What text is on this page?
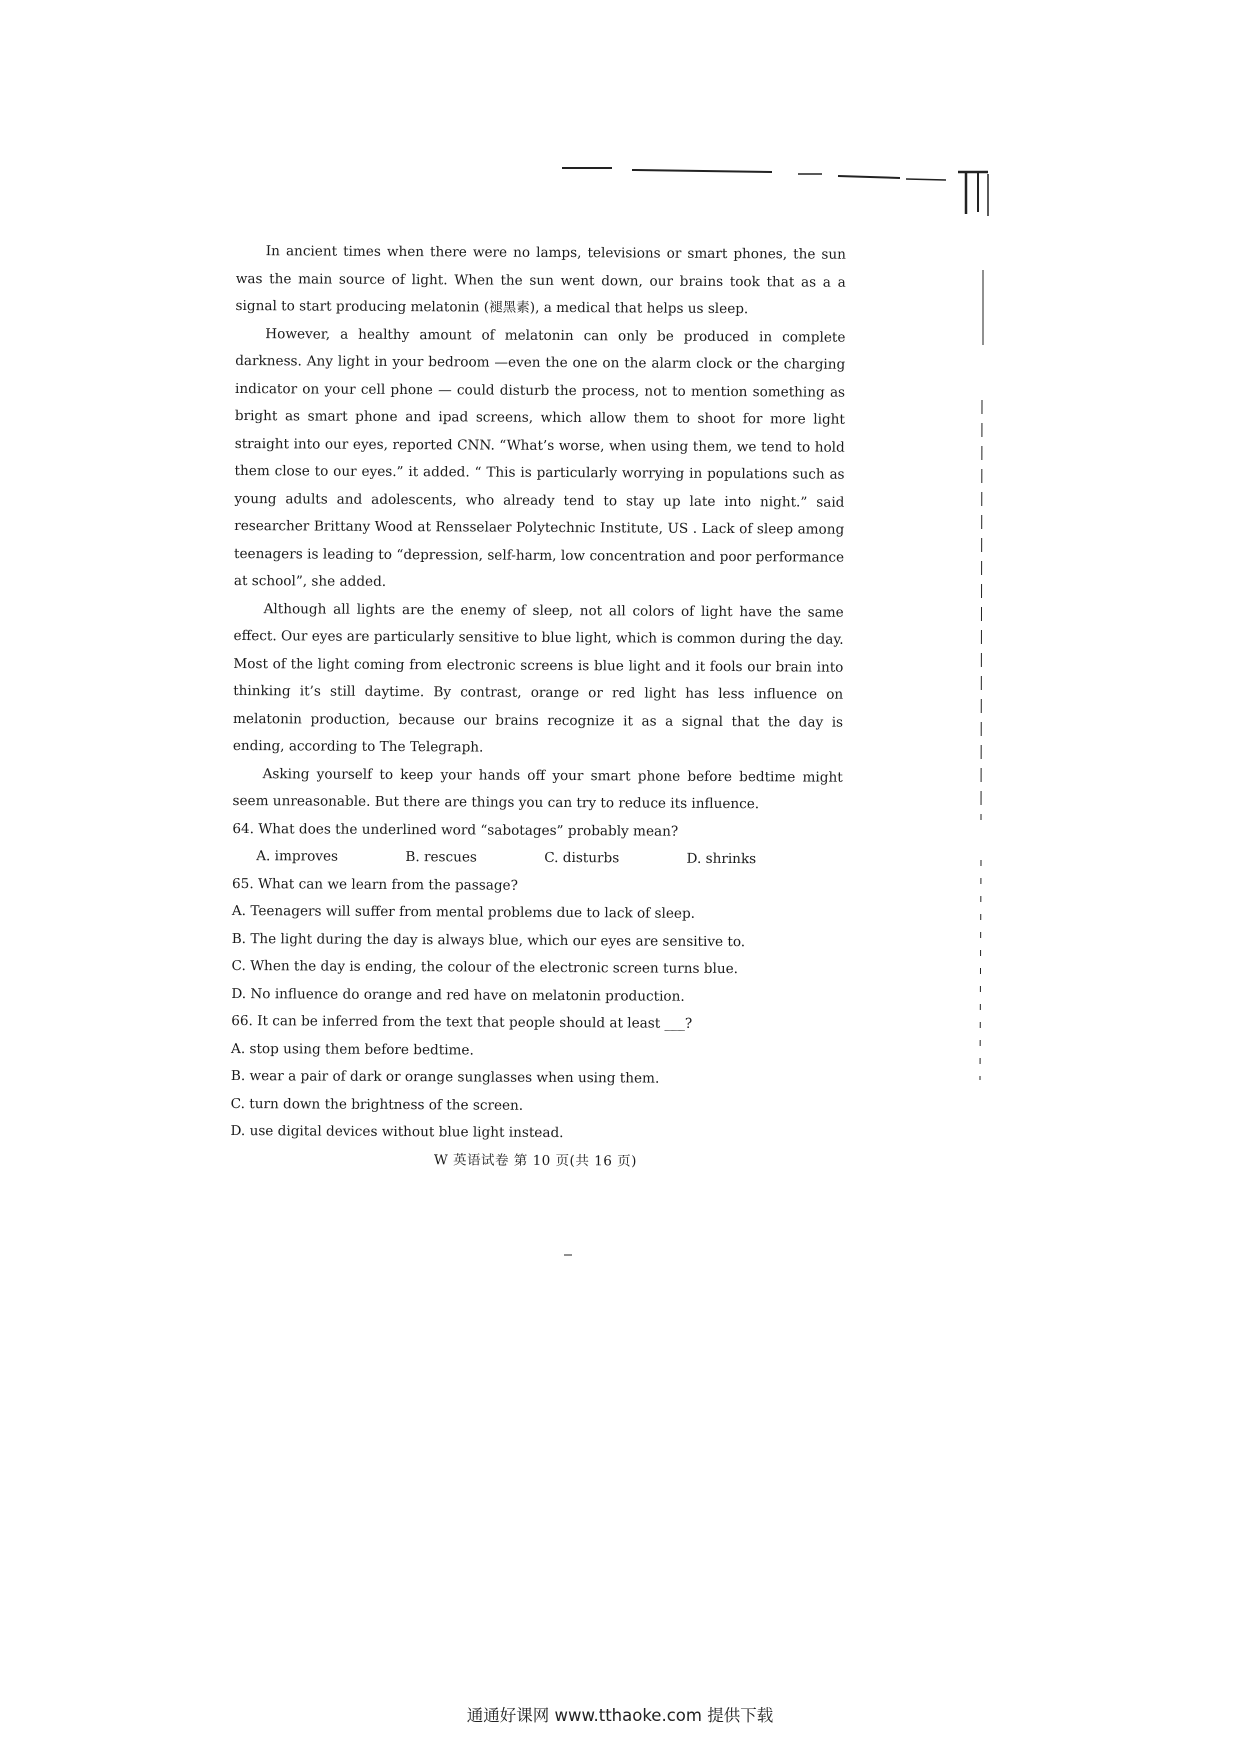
In ancient times when there were no lamps, televisions or smart phones, the sun was the main source of light. When the sun went down, our brains took that as a a signal to start producing melatonin (褪黑素), a medical that helps us sleep.

However, a healthy amount of melatonin can only be produced in complete darkness. Any light in your bedroom —even the one on the alarm clock or the charging indicator on your cell phone — could disturb the process, not to mention something as bright as smart phone and ipad screens, which allow them to shoot for more light straight into our eyes, reported CNN. “What’s worse, when using them, we tend to hold them close to our eyes.” it added. “ This is particularly worrying in populations such as young adults and adolescents, who already tend to stay up late into night.” said researcher Brittany Wood at Rensselaer Polytechnic Institute, US . Lack of sleep among teenagers is leading to “depression, self-harm, low concentration and poor performance at school”, she added.

Although all lights are the enemy of sleep, not all colors of light have the same effect. Our eyes are particularly sensitive to blue light, which is common during the day. Most of the light coming from electronic screens is blue light and it fools our brain into thinking it’s still daytime. By contrast, orange or red light has less influence on melatonin production, because our brains recognize it as a signal that the day is ending, according to The Telegraph.

Asking yourself to keep your hands off your smart phone before bedtime might seem unreasonable. But there are things you can try to reduce its influence.

64. What does the underlined word “sabotages” probably mean?

A. improves	B. rescues	C. disturbs	D. shrinks

65. What can we learn from the passage?

A. Teenagers will suffer from mental problems due to lack of sleep.

B. The light during the day is always blue, which our eyes are sensitive to.

C. When the day is ending, the colour of the electronic screen turns blue.

D. No influence do orange and red have on melatonin production.

66. It can be inferred from the text that people should at least ___?

A. stop using them before bedtime.

B. wear a pair of dark or orange sunglasses when using them.

C. turn down the brightness of the screen.

D. use digital devices without blue light instead.

W 英语试卷 第 10 页(共 16 页)

通通好课网 www.tthaoke.com 提供下载
